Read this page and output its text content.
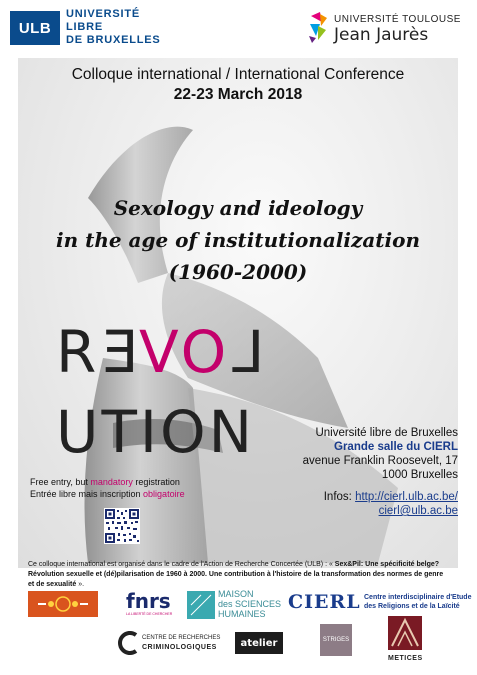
ULB
UNIVERSITÉ
LIBRE
DE BRUXELLES
UNIVERSITÉ TOULOUSE
Jean Jaurès
Colloque international / International Conference
22-23 March 2018
Sexology and ideology
in the age of institutionalization
(1960-2000)
REVOLUTION	Université libre de Bruxelles
Grande salle du CIERL
avenue Franklin Roosevelt, 17
1000 Bruxelles
Infos: http://cierl.ulb.ac.be/
cierl@ulb.ac.be
Free entry, but mandatory registration
Entrée libre mais inscription obligatoire
Ce colloque international est organisé dans le cadre de l'Action de Recherche Concertée (ULB) : « Sex&Pil: Une spécificité belge? Révolution sexuelle et (dé)pilarisation de 1960 à 2000. Une contribution à l'histoire de la transformation des normes de genre et de sexualité ».
fnrs
LA LIBERTÉ DE CHERCHER
MAISON
des SCIENCES
HUMAINES
CIERL Centre interdisciplinaire d'Etude
des Religions et de la Laïcité
CENTRE DE RECHERCHES
CRIMINOLOGIQUES	atelier	STRIGES
METICES
